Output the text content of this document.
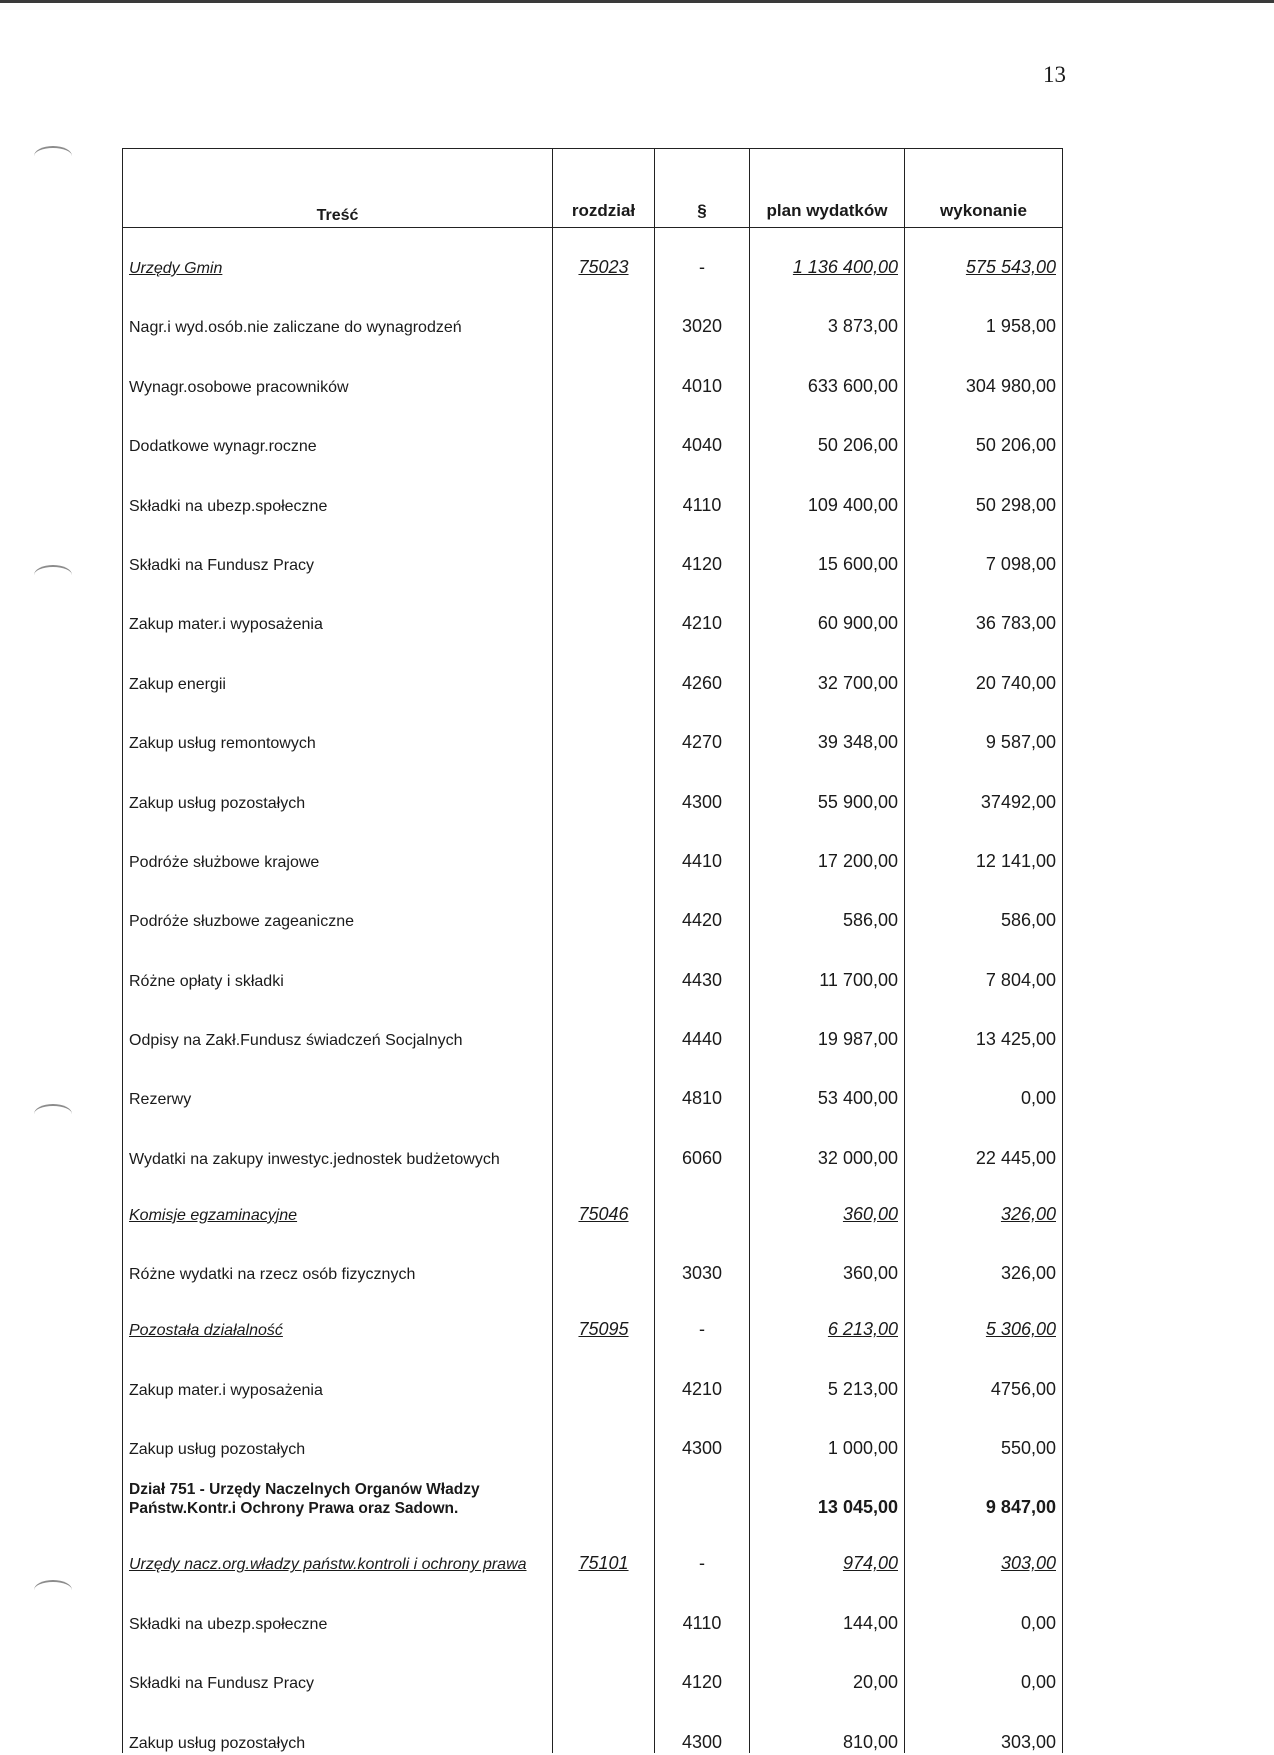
13
Treść	rozdział	§	plan wydatków	wykonanie
Urzędy Gmin	75023	-	1 136 400,00	575 543,00
Nagr.i wyd.osób.nie zaliczane do wynagrodzeń		3020	3 873,00	1 958,00
Wynagr.osobowe pracowników		4010	633 600,00	304 980,00
Dodatkowe wynagr.roczne		4040	50 206,00	50 206,00
Składki na ubezp.społeczne		4110	109 400,00	50 298,00
Składki na Fundusz Pracy		4120	15 600,00	7 098,00
Zakup mater.i wyposażenia		4210	60 900,00	36 783,00
Zakup energii		4260	32 700,00	20 740,00
Zakup usług remontowych		4270	39 348,00	9 587,00
Zakup usług pozostałych		4300	55 900,00	37492,00
Podróże służbowe krajowe		4410	17 200,00	12 141,00
Podróże słuzbowe zageaniczne		4420	586,00	586,00
Różne opłaty i składki		4430	11 700,00	7 804,00
Odpisy na Zakł.Fundusz świadczeń Socjalnych		4440	19 987,00	13 425,00
Rezerwy		4810	53 400,00	0,00
Wydatki na zakupy inwestyc.jednostek budżetowych		6060	32 000,00	22 445,00
Komisje egzaminacyjne	75046		360,00	326,00
Różne wydatki na rzecz osób fizycznych		3030	360,00	326,00
Pozostała działalność	75095	-	6 213,00	5 306,00
Zakup mater.i wyposażenia		4210	5 213,00	4756,00
Zakup usług pozostałych		4300	1 000,00	550,00
Dział 751 - Urzędy Naczelnych Organów Władzy Państw.Kontr.i Ochrony Prawa oraz Sadown.			13 045,00	9 847,00
Urzędy nacz.org.władzy państw.kontroli i ochrony prawa	75101	-	974,00	303,00
Składki na ubezp.społeczne		4110	144,00	0,00
Składki na Fundusz Pracy		4120	20,00	0,00
Zakup usług pozostałych		4300	810,00	303,00
